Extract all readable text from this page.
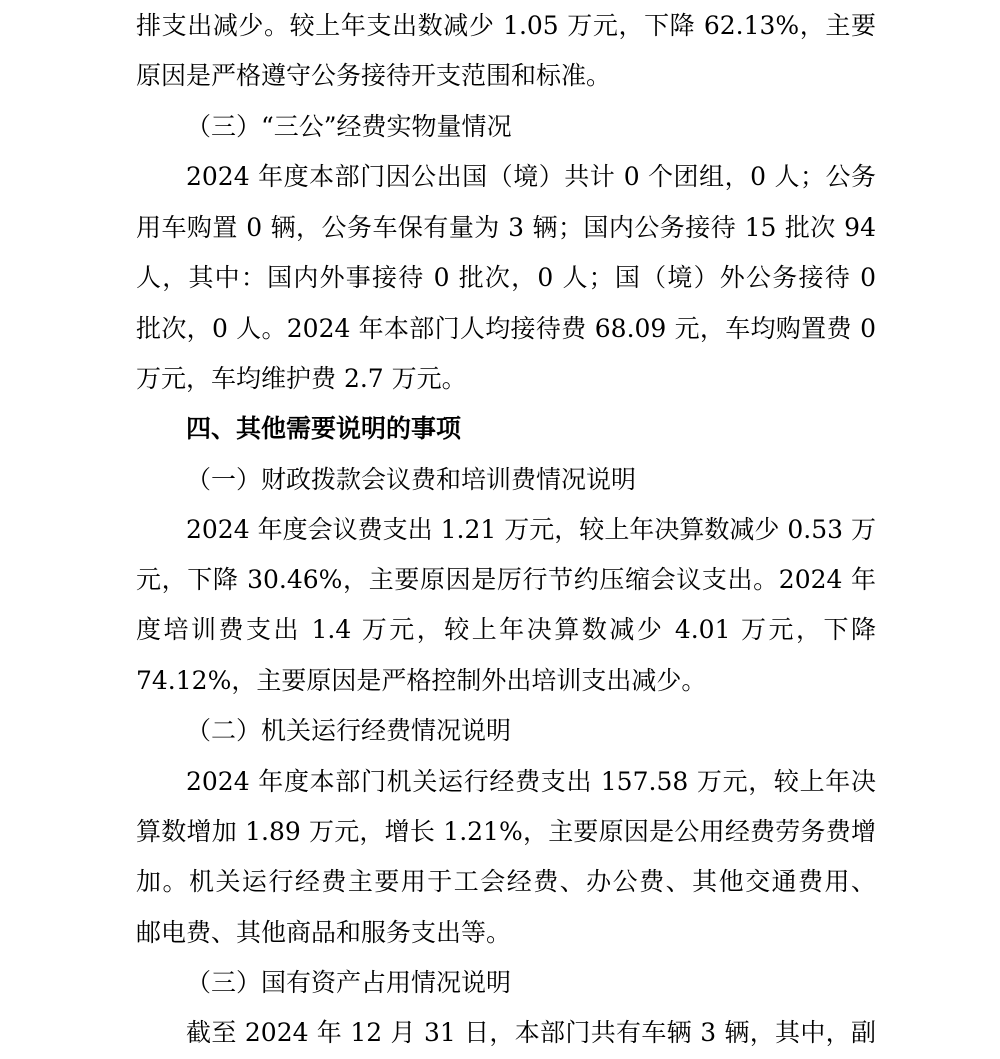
排支出减少。较上年支出数减少 1.05 万元，下降 62.13%，主要
原因是严格遵守公务接待开支范围和标准。
（三）“三公”经费实物量情况
2024 年度本部门因公出国（境）共计 0 个团组，0 人；公务
用车购置 0 辆，公务车保有量为 3 辆；国内公务接待 15 批次 94
人，其中：国内外事接待 0 批次，0 人；国（境）外公务接待 0
批次，0 人。2024 年本部门人均接待费 68.09 元，车均购置费 0
万元，车均维护费 2.7 万元。
四、其他需要说明的事项
（一）财政拨款会议费和培训费情况说明
2024 年度会议费支出 1.21 万元，较上年决算数减少 0.53 万
元，下降 30.46%，主要原因是厉行节约压缩会议支出。2024 年
度培训费支出 1.4 万元，较上年决算数减少 4.01 万元，下降
74.12%，主要原因是严格控制外出培训支出减少。
（二）机关运行经费情况说明
2024 年度本部门机关运行经费支出 157.58 万元，较上年决
算数增加 1.89 万元，增长 1.21%，主要原因是公用经费劳务费增
加。机关运行经费主要用于工会经费、办公费、其他交通费用、
邮电费、其他商品和服务支出等。
（三）国有资产占用情况说明
截至 2024 年 12 月 31 日，本部门共有车辆 3 辆，其中，副
